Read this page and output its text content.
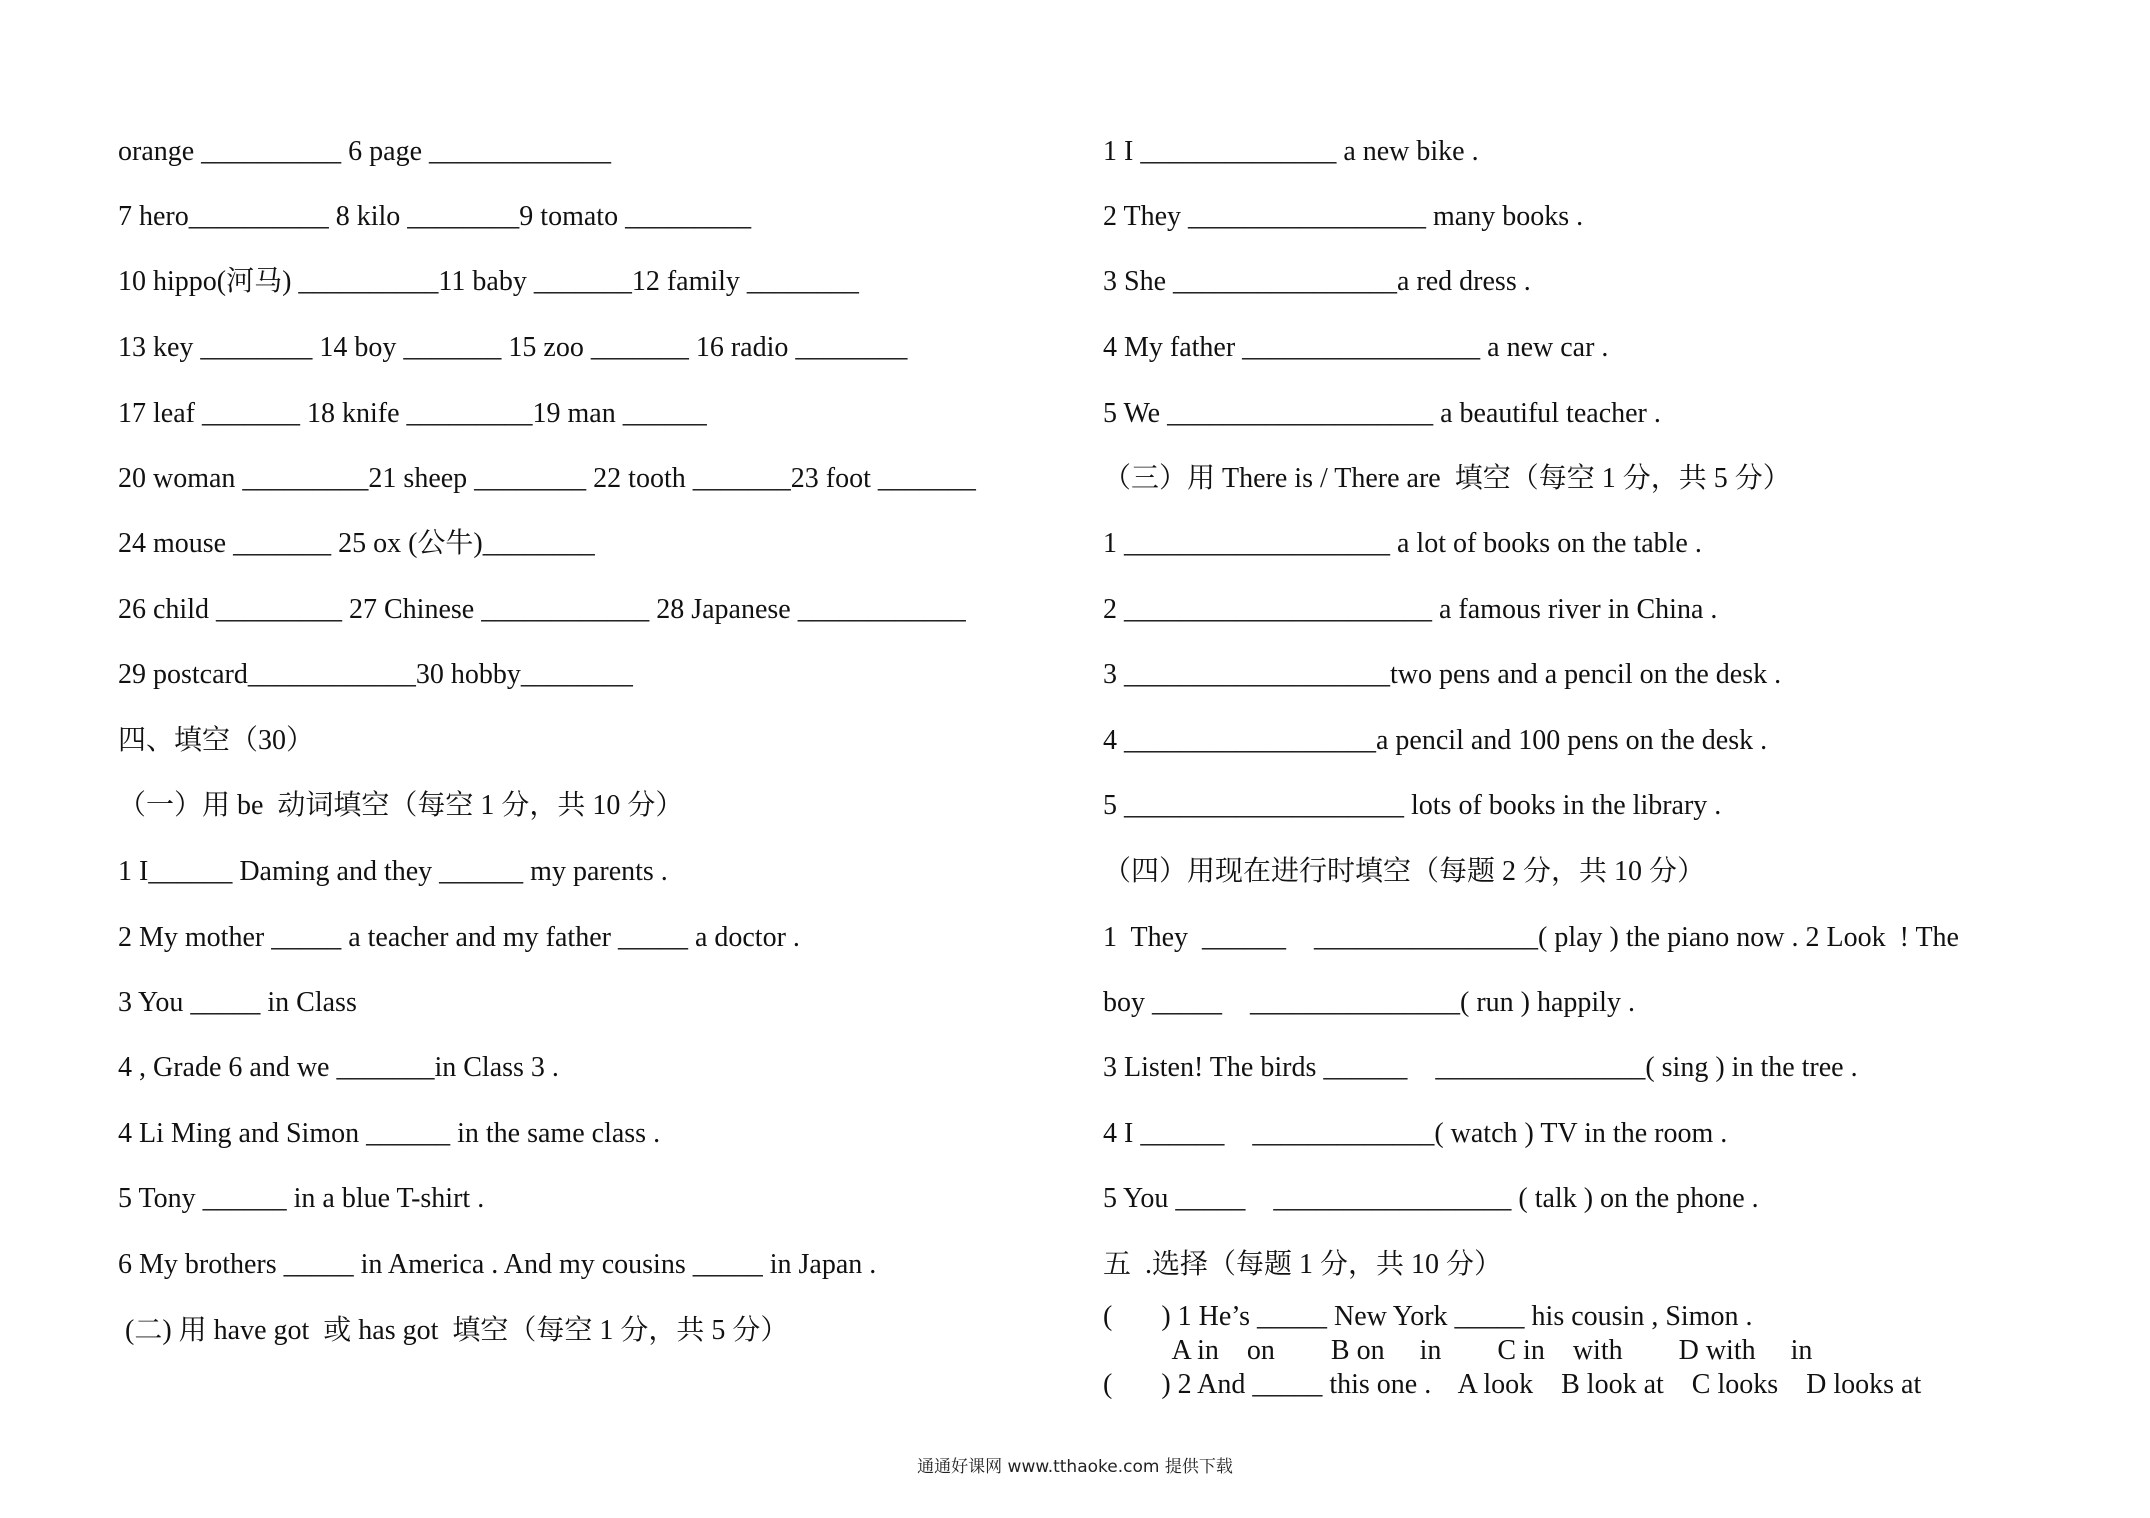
orange __________ 6 page _____________
7 hero__________ 8 kilo ________9 tomato _________
10 hippo(河马) __________11 baby _______12 family ________
13 key ________ 14 boy _______ 15 zoo _______ 16 radio ________
17 leaf _______ 18 knife _________19 man ______
20 woman _________21 sheep ________ 22 tooth _______23 foot _______
24 mouse _______ 25 ox (公牛)________
26 child _________ 27 Chinese ____________ 28 Japanese ____________
29 postcard____________30 hobby________
四、填空（30）
（一）用 be  动词填空（每空 1 分，共 10 分）
1 I______ Daming and they ______ my parents .
2 My mother _____ a teacher and my father _____ a doctor .
3 You _____ in Class
4 , Grade 6 and we _______in Class 3 .
4 Li Ming and Simon ______ in the same class .
5 Tony ______ in a blue T-shirt .
6 My brothers _____ in America . And my cousins _____ in Japan .
(二) 用 have got  或 has got  填空（每空 1 分，共 5 分）
1 I ______________ a new bike .
2 They _________________ many books .
3 She ________________a red dress .
4 My father _________________ a new car .
5 We ___________________ a beautiful teacher .
（三）用 There is / There are  填空（每空 1 分，共 5 分）
1 ___________________ a lot of books on the table .
2 ______________________ a famous river in China .
3 ___________________two pens and a pencil on the desk .
4 __________________a pencil and 100 pens on the desk .
5 ____________________ lots of books in the library .
（四）用现在进行时填空（每题 2 分，共 10 分）
1  They  ______    ________________( play ) the piano now . 2 Look  ! The
boy _____    _______________( run ) happily .
3 Listen! The birds ______    _______________( sing ) in the tree .
4 I ______    _____________( watch ) TV in the room .
5 You _____    _________________ ( talk ) on the phone .
五  .选择（每题 1 分，共 10 分）
(       ) 1 He’s _____ New York _____ his cousin , Simon .
A in    on        B on     in        C in    with        D with     in
(       ) 2 And _____ this one .    A look    B look at    C looks    D looks at
通通好课网 www.tthaoke.com 提供下载
